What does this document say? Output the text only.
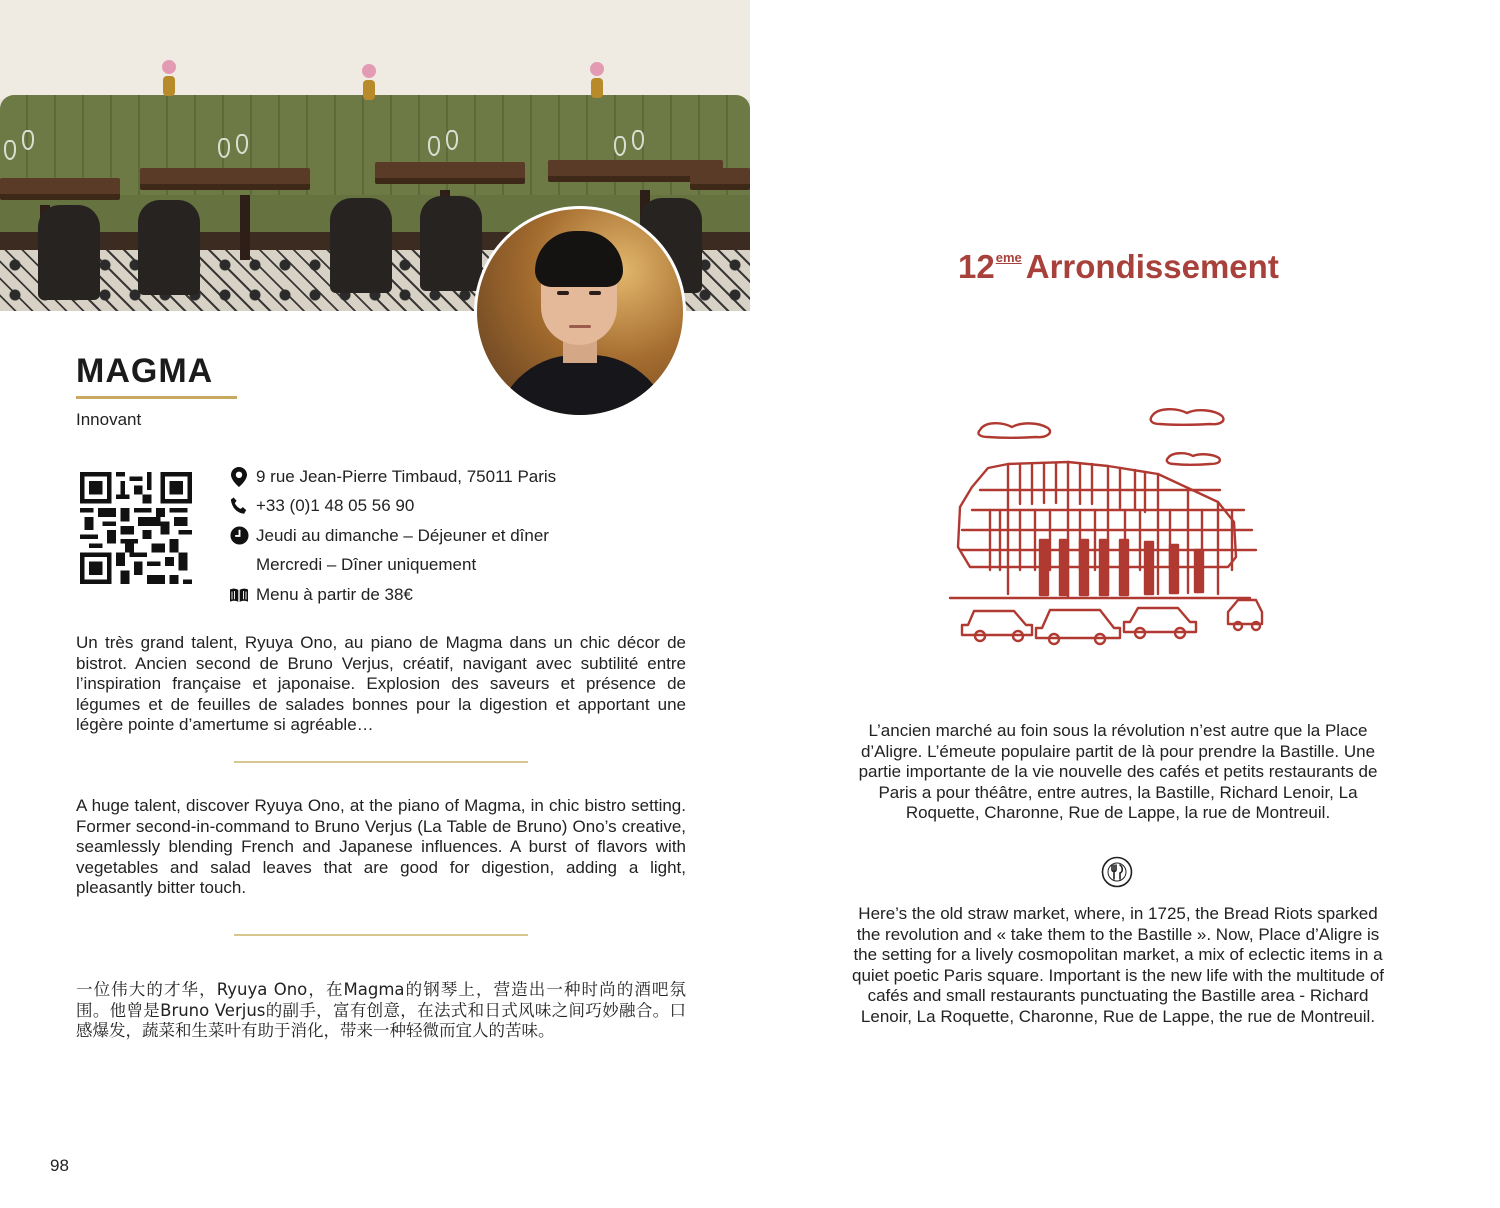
MAGMA
Innovant
9 rue Jean-Pierre Timbaud, 75011 Paris
+33 (0)1 48 05 56 90
Jeudi au dimanche – Déjeuner et dîner
Mercredi – Dîner uniquement
Menu à partir de 38€

Un très grand talent, Ryuya Ono, au piano de Magma dans un chic décor de bistrot. Ancien second de Bruno Verjus, créatif, navigant avec subtilité entre l’inspiration française et japonaise. Explosion des saveurs et présence de légumes et de feuilles de salades bonnes pour la digestion et apportant une légère pointe d’amertume si agréable…

A huge talent, discover Ryuya Ono, at the piano of Magma, in chic bistro setting. Former second-in-command to Bruno Verjus (La Table de Bruno) Ono’s creative, seamlessly blending French and Japanese influences. A burst of flavors with vegetables and salad leaves that are good for digestion, adding a light, pleasantly bitter touch.

一位伟大的才华，Ryuya Ono，在Magma的钢琴上，营造出一种时尚的酒吧氛围。他曾是Bruno Verjus的副手，富有创意，在法式和日式风味之间巧妙融合。口感爆发，蔬菜和生菜叶有助于消化，带来一种轻微而宜人的苦味。

98
12eme Arrondissement

L’ancien marché au foin sous la révolution n’est autre que la Place d’Aligre. L’émeute populaire partit de là pour prendre la Bastille. Une partie importante de la vie nouvelle des cafés et petits restaurants de Paris a pour théâtre, entre autres, la Bastille, Richard Lenoir, La Roquette, Charonne, Rue de Lappe, la rue de Montreuil.

Here’s the old straw market, where, in 1725, the Bread Riots sparked the revolution and « take them to the Bastille ». Now, Place d’Aligre is the setting for a lively cosmopolitan market, a mix of eclectic items in a quiet poetic Paris square. Important is the new life with the multitude of cafés and small restaurants punctuating the Bastille area - Richard Lenoir, La Roquette, Charonne, Rue de Lappe, the rue de Montreuil.
